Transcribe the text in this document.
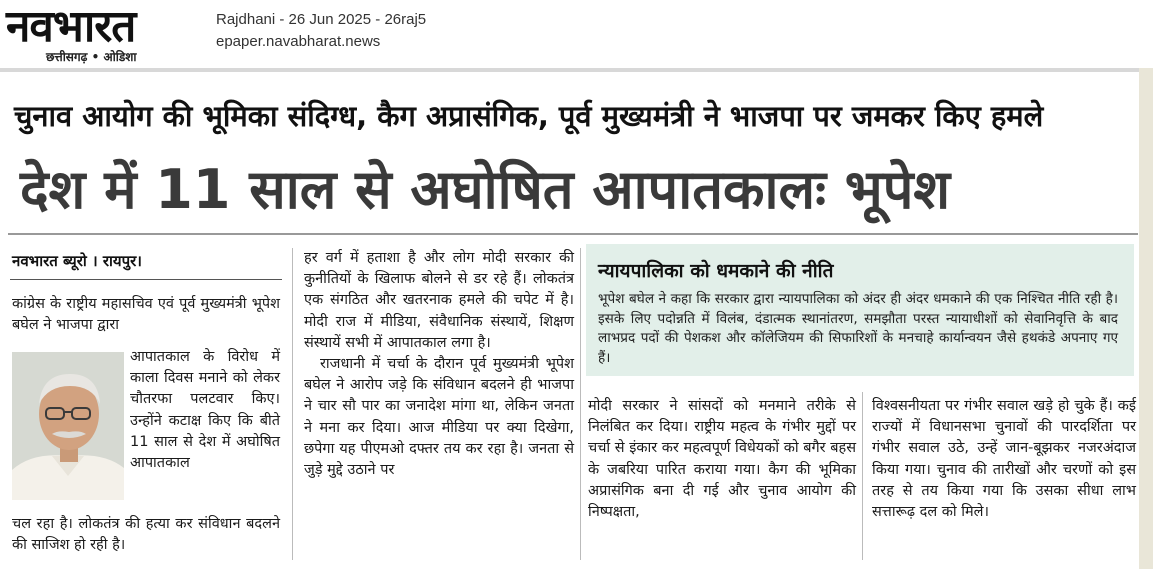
नवभारत
छत्तीसगढ़ • ओडिशा
Rajdhani - 26 Jun 2025 - 26raj5
epaper.navabharat.news
चुनाव आयोग की भूमिका संदिग्ध, कैग अप्रासंगिक, पूर्व मुख्यमंत्री ने भाजपा पर जमकर किए हमले
देश में 11 साल से अघोषित आपातकालः भूपेश
नवभारत ब्यूरो । रायपुर।
कांग्रेस के राष्ट्रीय महासचिव एवं पूर्व मुख्यमंत्री भूपेश बघेल ने भाजपा द्वारा
आपातकाल के विरोध में काला दिवस मनाने को लेकर चौतरफा पलटवार किए। उन्होंने कटाक्ष किए कि बीते 11 साल से देश में अघोषित आपातकाल
चल रहा है। लोकतंत्र की हत्या कर संविधान बदलने की साजिश हो रही है।

हर वर्ग में हताशा है और लोग मोदी सरकार की कुनीतियों के खिलाफ बोलने से डर रहे हैं। लोकतंत्र एक संगठित और खतरनाक हमले की चपेट में है। मोदी राज में मीडिया, संवैधानिक संस्थायें, शिक्षण संस्थायें सभी में आपातकाल लगा है।

राजधानी में चर्चा के दौरान पूर्व मुख्यमंत्री भूपेश बघेल ने आरोप जड़े कि संविधान बदलने ही भाजपा ने चार सौ पार का जनादेश मांगा था, लेकिन जनता ने मना कर दिया। आज मीडिया पर क्या दिखेगा, छपेगा यह पीएमओ दफ्तर तय कर रहा है। जनता से जुड़े मुद्दे उठाने पर

न्यायपालिका को धमकाने की नीति
भूपेश बघेल ने कहा कि सरकार द्वारा न्यायपालिका को अंदर ही अंदर धमकाने की एक निश्चित नीति रही है। इसके लिए पदोन्नति में विलंब, दंडात्मक स्थानांतरण, समझौता परस्त न्यायाधीशों को सेवानिवृत्ति के बाद लाभप्रद पदों की पेशकश और कॉलेजियम की सिफारिशों के मनचाहे कार्यान्वयन जैसे हथकंडे अपनाए गए हैं।
मोदी सरकार ने सांसदों को मनमाने तरीके से निलंबित कर दिया। राष्ट्रीय महत्व के गंभीर मुद्दों पर चर्चा से इंकार कर महत्वपूर्ण विधेयकों को बगैर बहस के जबरिया पारित कराया गया। कैग की भूमिका अप्रासंगिक बना दी गई और चुनाव आयोग की निष्पक्षता,
विश्वसनीयता पर गंभीर सवाल खड़े हो चुके हैं। कई राज्यों में विधानसभा चुनावों की पारदर्शिता पर गंभीर सवाल उठे, उन्हें जान-बूझकर नजरअंदाज किया गया। चुनाव की तारीखों और चरणों को इस तरह से तय किया गया कि उसका सीधा लाभ सत्तारूढ़ दल को मिले।
